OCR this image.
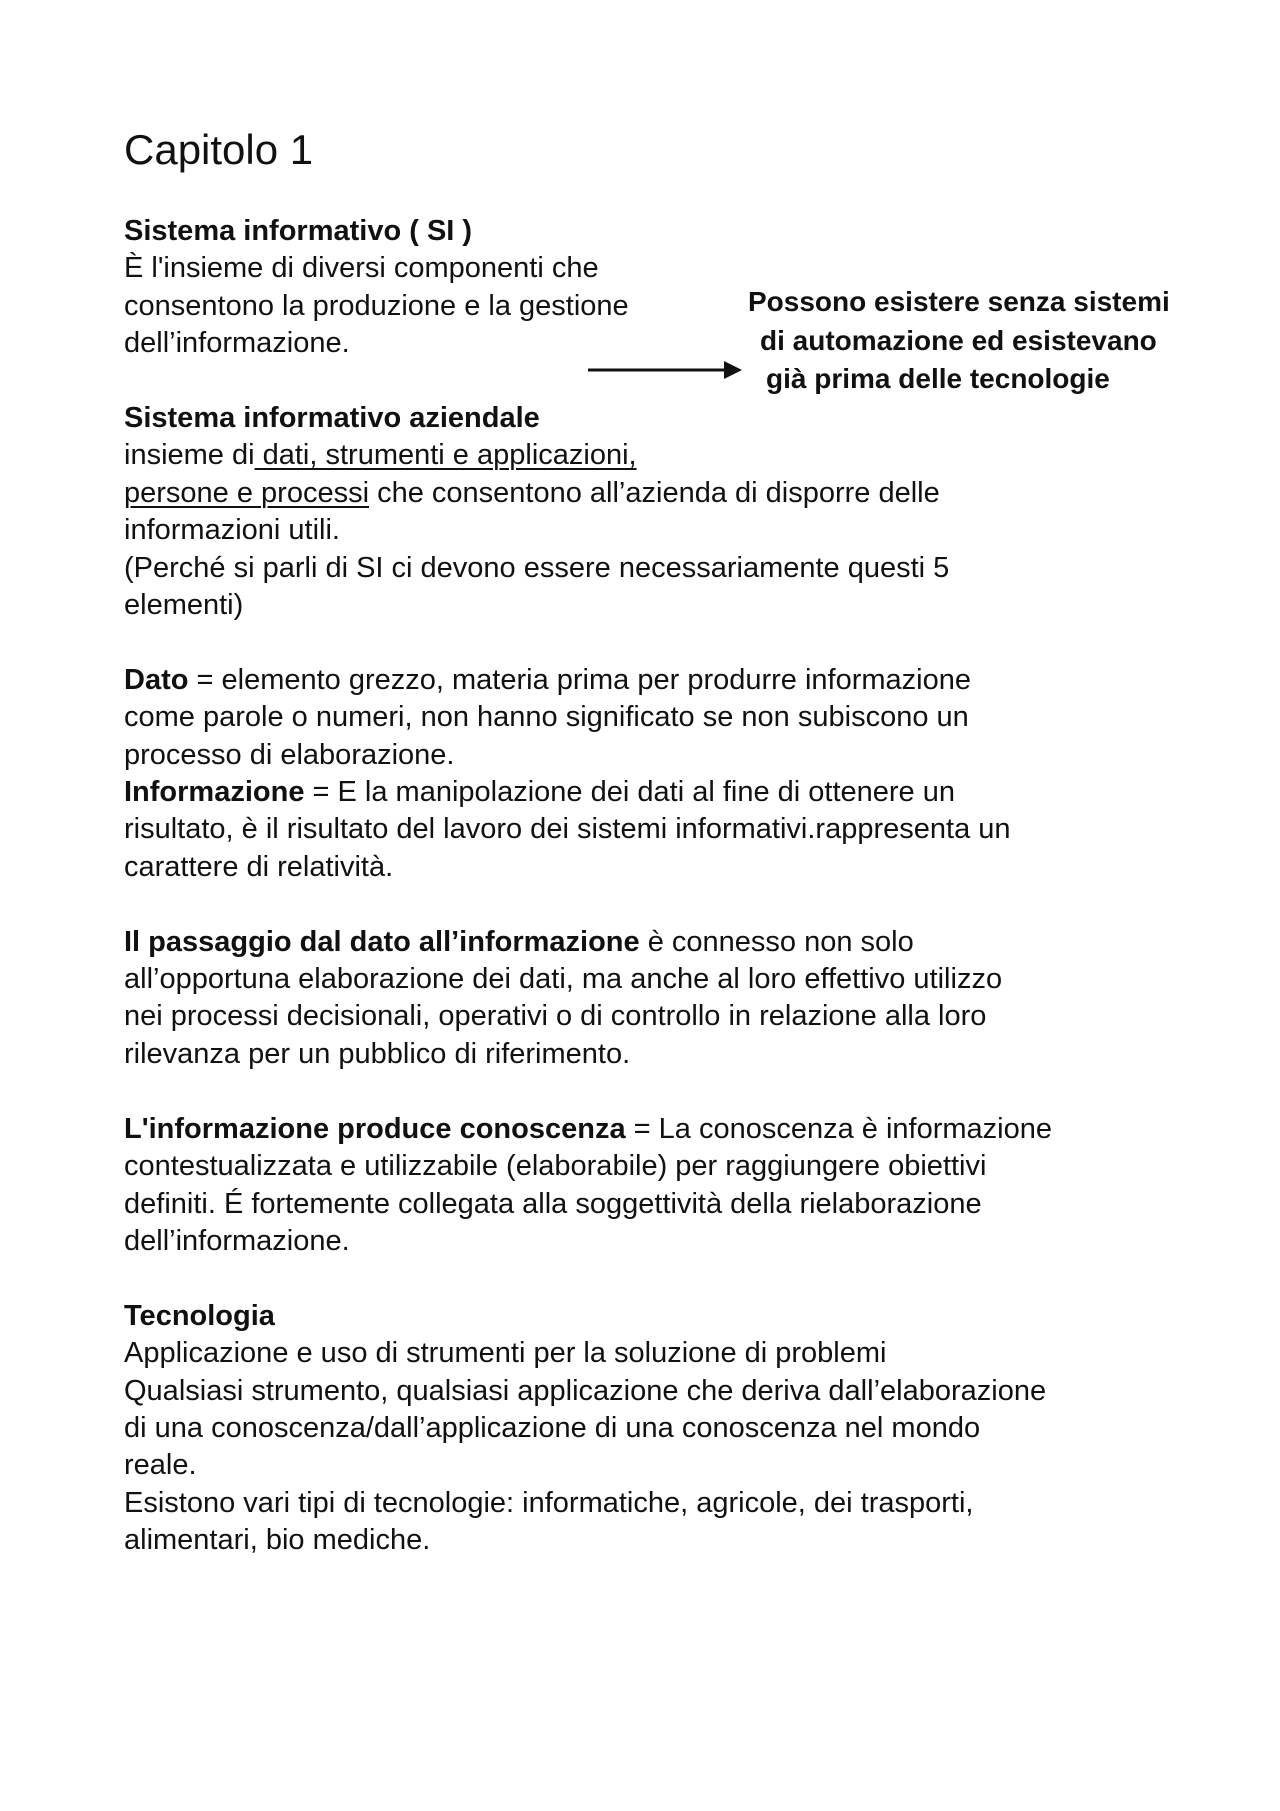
Capitolo 1

Sistema informativo ( SI )

È l'insieme di diversi componenti che

consentono la produzione e la gestione

dell’informazione.

Sistema informativo aziendale

insieme di dati, strumenti e applicazioni,

persone e processi che consentono all’azienda di disporre delle

informazioni utili.

(Perché si parli di SI ci devono essere necessariamente questi 5

elementi)

Dato = elemento grezzo, materia prima per produrre informazione

come parole o numeri, non hanno significato se non subiscono un

processo di elaborazione.

Informazione = E la manipolazione dei dati al fine di ottenere un

risultato, è il risultato del lavoro dei sistemi informativi.rappresenta un

carattere di relatività.

Il passaggio dal dato all’informazione è connesso non solo

all’opportuna elaborazione dei dati, ma anche al loro effettivo utilizzo

nei processi decisionali, operativi o di controllo in relazione alla loro

rilevanza per un pubblico di riferimento.

L'informazione produce conoscenza = La conoscenza è informazione

contestualizzata e utilizzabile (elaborabile) per raggiungere obiettivi

definiti. É fortemente collegata alla soggettività della rielaborazione

dell’informazione.

Tecnologia

Applicazione e uso di strumenti per la soluzione di problemi

Qualsiasi strumento, qualsiasi applicazione che deriva dall’elaborazione

di una conoscenza/dall’applicazione di una conoscenza nel mondo

reale.

Esistono vari tipi di tecnologie: informatiche, agricole, dei trasporti,

alimentari, bio mediche.

Possono esistere senza sistemi
di automazione ed esistevano
già prima delle tecnologie
